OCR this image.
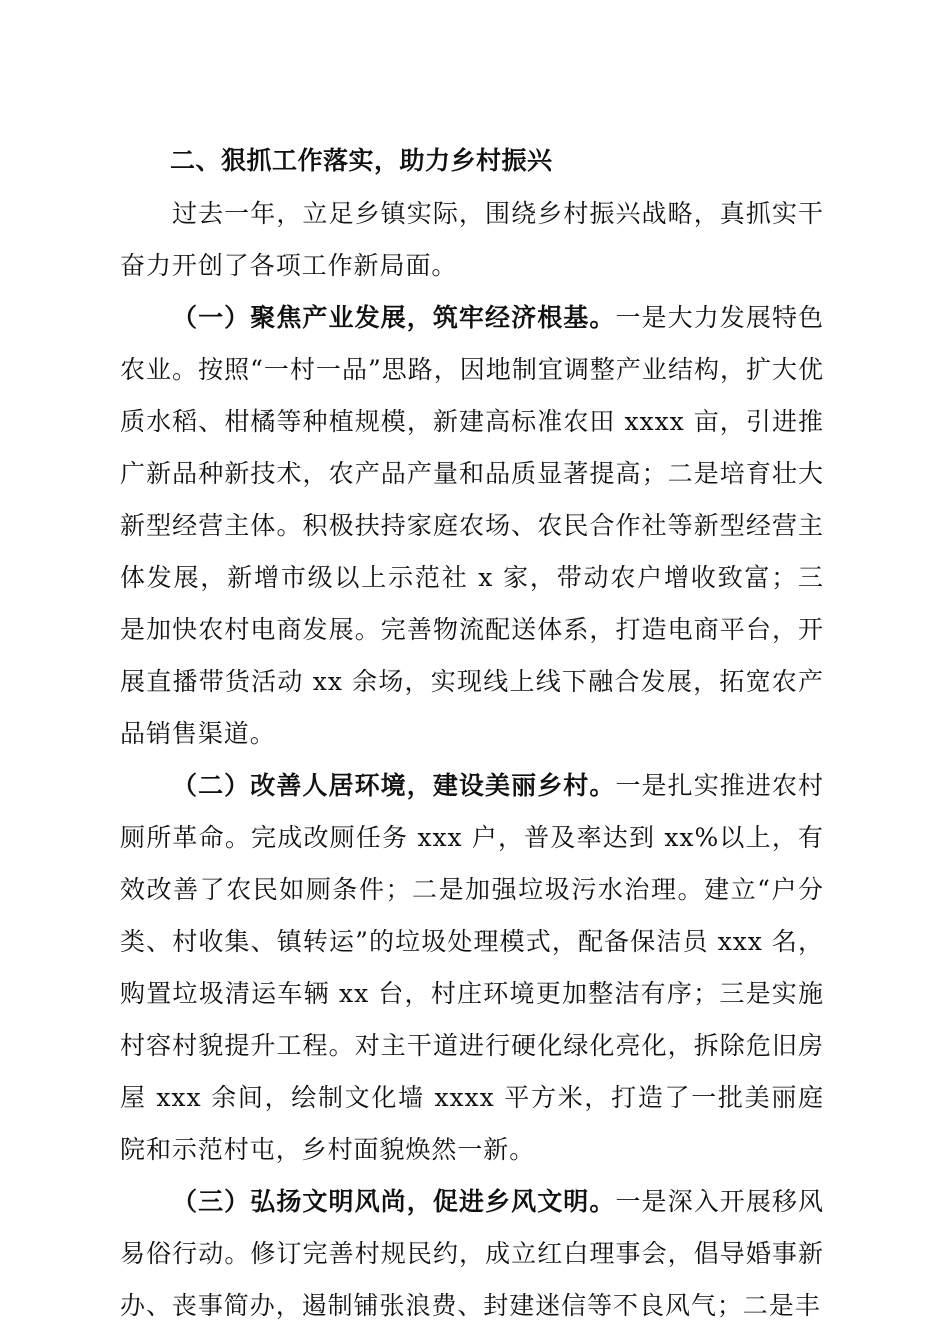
二、狠抓工作落实，助力乡村振兴

过去一年，立足乡镇实际，围绕乡村振兴战略，真抓实干奋力开创了各项工作新局面。

（一）聚焦产业发展，筑牢经济根基。一是大力发展特色农业。按照“一村一品”思路，因地制宜调整产业结构，扩大优质水稻、柑橘等种植规模，新建高标准农田 xxxx 亩，引进推广新品种新技术，农产品产量和品质显著提高；二是培育壮大新型经营主体。积极扶持家庭农场、农民合作社等新型经营主体发展，新增市级以上示范社 x 家，带动农户增收致富；三是加快农村电商发展。完善物流配送体系，打造电商平台，开展直播带货活动 xx 余场，实现线上线下融合发展，拓宽农产品销售渠道。

（二）改善人居环境，建设美丽乡村。一是扎实推进农村厕所革命。完成改厕任务 xxx 户，普及率达到 xx%以上，有效改善了农民如厕条件；二是加强垃圾污水治理。建立“户分类、村收集、镇转运”的垃圾处理模式，配备保洁员 xxx 名，购置垃圾清运车辆 xx 台，村庄环境更加整洁有序；三是实施村容村貌提升工程。对主干道进行硬化绿化亮化，拆除危旧房屋 xxx 余间，绘制文化墙 xxxx 平方米，打造了一批美丽庭院和示范村屯，乡村面貌焕然一新。

（三）弘扬文明风尚，促进乡风文明。一是深入开展移风易俗行动。修订完善村规民约，成立红白理事会，倡导婚事新办、丧事简办，遏制铺张浪费、封建迷信等不良风气；二是丰
